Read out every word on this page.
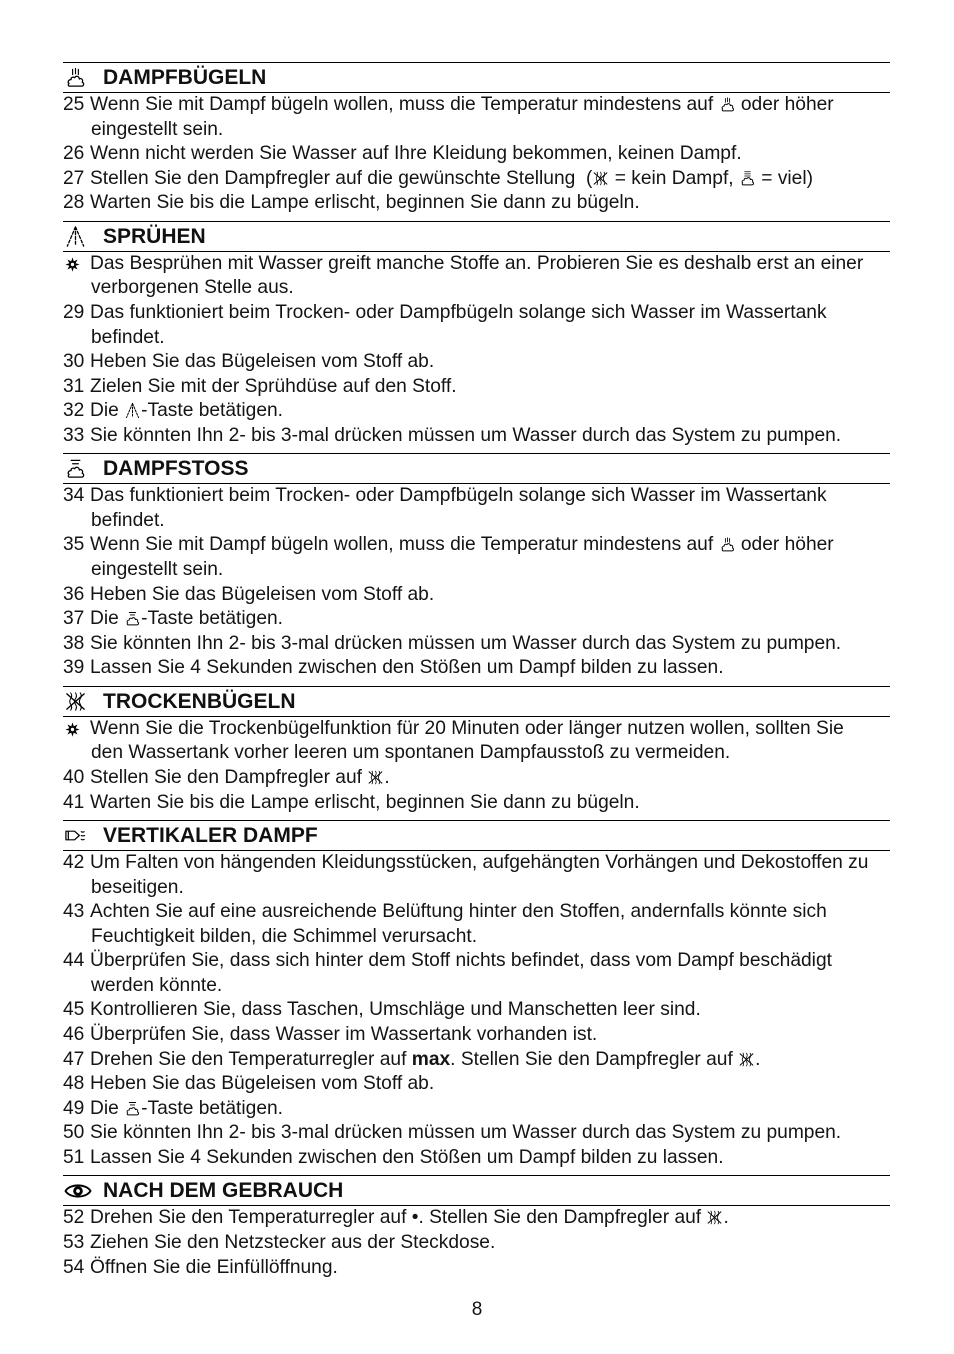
DAMPFBÜGELN
25 Wenn Sie mit Dampf bügeln wollen, muss die Temperatur mindestens auf
oder höher
eingestellt sein.
26 Wenn nicht werden Sie Wasser auf Ihre Kleidung bekommen, keinen Dampf.
27 Stellen Sie den Dampfregler auf die gewünschte Stellung  (
= kein Dampf,
= viel)
28 Warten Sie bis die Lampe erlischt, beginnen Sie dann zu bügeln.
SPRÜHEN
Das Besprühen mit Wasser greift manche Stoffe an. Probieren Sie es deshalb erst an einer
verborgenen Stelle aus.
29 Das funktioniert beim Trocken- oder Dampfbügeln solange sich Wasser im Wassertank
befindet.
30 Heben Sie das Bügeleisen vom Stoff ab.
31 Zielen Sie mit der Sprühdüse auf den Stoff.
32 Die
-Taste betätigen.
33 Sie könnten Ihn 2- bis 3-mal drücken müssen um Wasser durch das System zu pumpen.
DAMPFSTOSS
34 Das funktioniert beim Trocken- oder Dampfbügeln solange sich Wasser im Wassertank
befindet.
35 Wenn Sie mit Dampf bügeln wollen, muss die Temperatur mindestens auf
oder höher
eingestellt sein.
36 Heben Sie das Bügeleisen vom Stoff ab.
37 Die
-Taste betätigen.
38 Sie könnten Ihn 2- bis 3-mal drücken müssen um Wasser durch das System zu pumpen.
39 Lassen Sie 4 Sekunden zwischen den Stößen um Dampf bilden zu lassen.
TROCKENBÜGELN
Wenn Sie die Trockenbügelfunktion für 20 Minuten oder länger nutzen wollen, sollten Sie
den Wassertank vorher leeren um spontanen Dampfausstoß zu vermeiden.
40 Stellen Sie den Dampfregler auf
.
41 Warten Sie bis die Lampe erlischt, beginnen Sie dann zu bügeln.
VERTIKALER DAMPF
42 Um Falten von hängenden Kleidungsstücken, aufgehängten Vorhängen und Dekostoffen zu
beseitigen.
43 Achten Sie auf eine ausreichende Belüftung hinter den Stoffen, andernfalls könnte sich
Feuchtigkeit bilden, die Schimmel verursacht.
44 Überprüfen Sie, dass sich hinter dem Stoff nichts befindet, dass vom Dampf beschädigt
werden könnte.
45 Kontrollieren Sie, dass Taschen, Umschläge und Manschetten leer sind.
46 Überprüfen Sie, dass Wasser im Wassertank vorhanden ist.
47 Drehen Sie den Temperaturregler auf max. Stellen Sie den Dampfregler auf
.
48 Heben Sie das Bügeleisen vom Stoff ab.
49 Die
-Taste betätigen.
50 Sie könnten Ihn 2- bis 3-mal drücken müssen um Wasser durch das System zu pumpen.
51 Lassen Sie 4 Sekunden zwischen den Stößen um Dampf bilden zu lassen.
NACH DEM GEBRAUCH
52 Drehen Sie den Temperaturregler auf •. Stellen Sie den Dampfregler auf
.
53 Ziehen Sie den Netzstecker aus der Steckdose.
54 Öffnen Sie die Einfüllöffnung.
8
